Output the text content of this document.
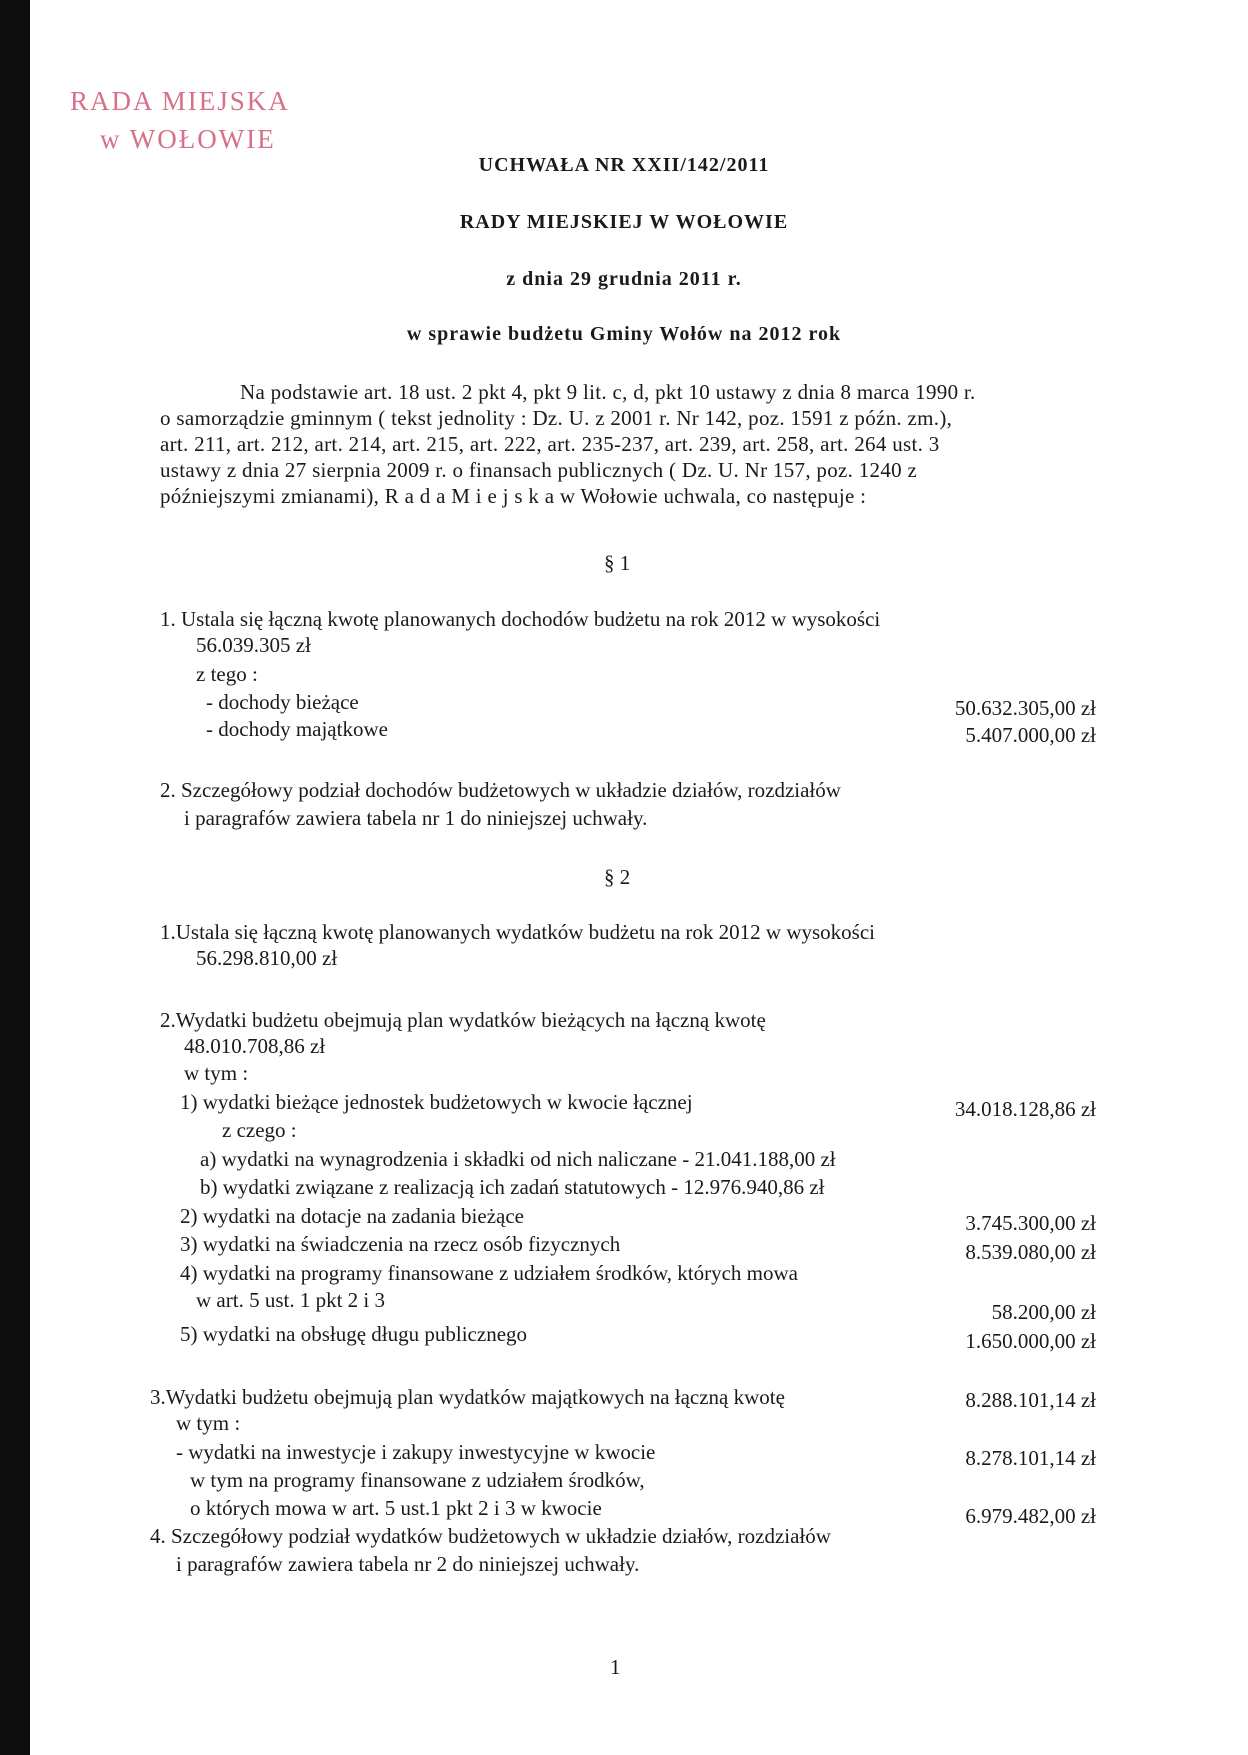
RADA MIEJSKA
w WOŁOWIE
UCHWAŁA NR XXII/142/2011
RADY MIEJSKIEJ W WOŁOWIE
z dnia 29 grudnia 2011 r.
w sprawie budżetu Gminy Wołów na 2012 rok
Na podstawie art. 18 ust. 2 pkt 4, pkt 9 lit. c, d, pkt 10 ustawy z dnia 8 marca 1990 r.
o samorządzie gminnym ( tekst jednolity : Dz. U. z 2001 r. Nr 142, poz. 1591 z późn. zm.),
art. 211, art. 212, art. 214, art. 215, art. 222, art. 235-237, art. 239, art. 258, art. 264 ust. 3
ustawy z dnia 27 sierpnia 2009 r. o finansach publicznych ( Dz. U. Nr 157, poz. 1240 z
późniejszymi zmianami), R a d a M i e j s k a w Wołowie uchwala, co następuje :
§ 1
1. Ustala się łączną kwotę planowanych dochodów budżetu na rok 2012 w wysokości
56.039.305 zł
z tego :
- dochody bieżące	50.632.305,00 zł
- dochody majątkowe	5.407.000,00 zł
2. Szczegółowy podział dochodów budżetowych w układzie działów, rozdziałów
i paragrafów zawiera tabela nr 1 do niniejszej uchwały.
§ 2
1.Ustala się łączną kwotę planowanych wydatków budżetu na rok 2012 w wysokości
56.298.810,00 zł
2.Wydatki budżetu obejmują plan wydatków bieżących na łączną kwotę
48.010.708,86 zł
w tym :
1) wydatki bieżące jednostek budżetowych w kwocie łącznej	34.018.128,86 zł
z czego :
a) wydatki na wynagrodzenia i składki od nich naliczane - 21.041.188,00 zł
b) wydatki związane z realizacją ich zadań statutowych - 12.976.940,86 zł
2) wydatki na dotacje na zadania bieżące	3.745.300,00 zł
3) wydatki na świadczenia na rzecz osób fizycznych	8.539.080,00 zł
4) wydatki na programy finansowane z udziałem środków, których mowa
w art. 5 ust. 1 pkt 2 i 3	58.200,00 zł
5) wydatki na obsługę długu publicznego	1.650.000,00 zł
3.Wydatki budżetu obejmują plan wydatków majątkowych na łączną kwotę	8.288.101,14 zł
w tym :
- wydatki na inwestycje i zakupy inwestycyjne w kwocie	8.278.101,14 zł
w tym na programy finansowane z udziałem środków,
o których mowa w art. 5 ust.1 pkt 2 i 3 w kwocie	6.979.482,00 zł
4. Szczegółowy podział wydatków budżetowych w układzie działów, rozdziałów
i paragrafów zawiera tabela nr 2 do niniejszej uchwały.
1
